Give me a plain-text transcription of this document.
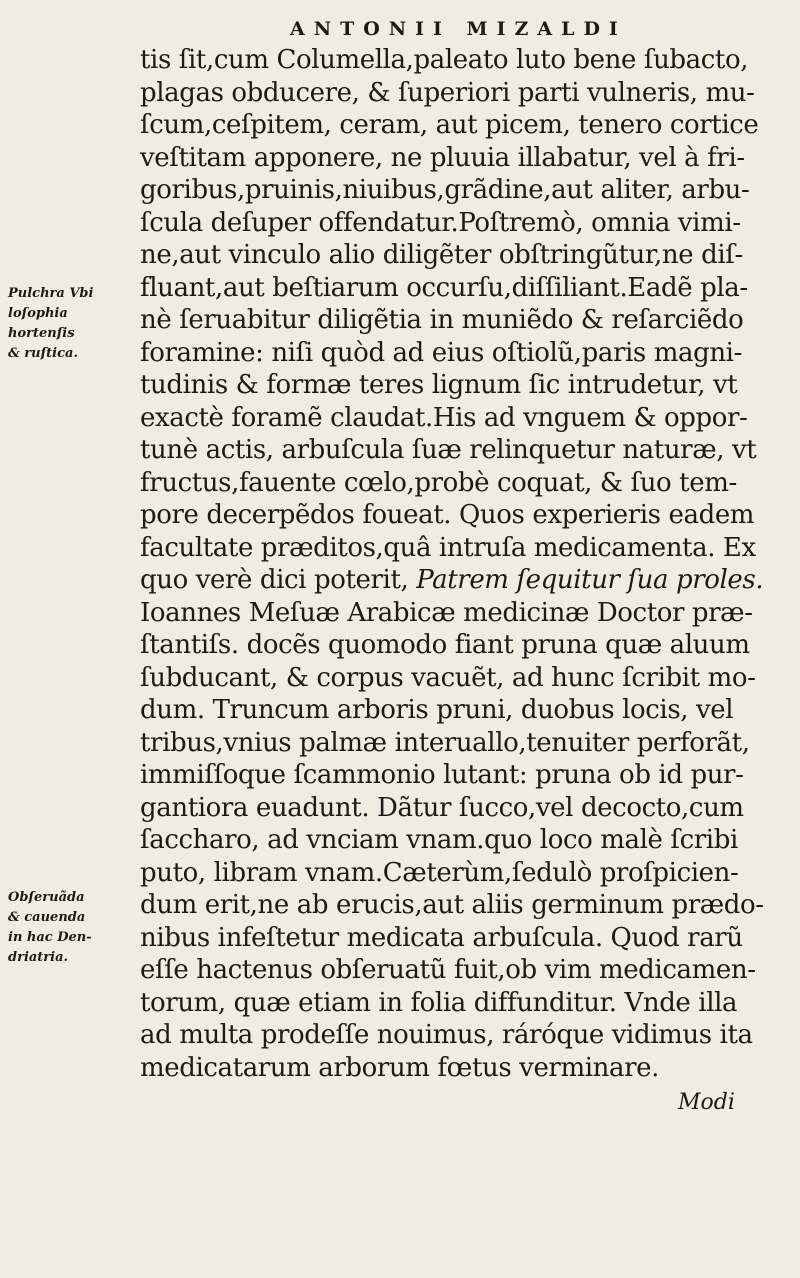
ANTONII MIZALDI
tis ſit,cum Columella,paleato luto bene ſubacto,
plagas obducere, & ſuperiori parti vulneris, mu-
ſcum,ceſpitem, ceram, aut picem, tenero cortice
veſtitam apponere, ne pluuia illabatur, vel à fri-
goribus,pruinis,niuibus,grãdine,aut aliter, arbu-
ſcula deſuper offendatur.Poſtremò, omnia vimi-
ne,aut vinculo alio diligẽter obſtringũtur,ne diſ-
fluant,aut beſtiarum occurſu,diſſiliant.Eadẽ pla-
nè ſeruabitur diligẽtia in muniẽdo & reſarciẽdo
foramine: niſi quòd ad eius oſtiolũ,paris magni-
tudinis & formæ teres lignum ſic intrudetur, vt
exactè foramẽ claudat.His ad vnguem & oppor-
tunè actis, arbuſcula ſuæ relinquetur naturæ, vt
fructus,fauente cœlo,probè coquat, & ſuo tem-
pore decerpẽdos foueat. Quos experieris eadem
facultate præditos,quâ intruſa medicamenta. Ex
quo verè dici poterit, Patrem ſequitur ſua proles.
Ioannes Meſuæ Arabicæ medicinæ Doctor præ-
ſtantiſs. docẽs quomodo fiant pruna quæ aluum
ſubducant, & corpus vacuẽt, ad hunc ſcribit mo-
dum. Truncum arboris pruni, duobus locis, vel
tribus,vnius palmæ interuallo,tenuiter perforãt,
immiſſoque ſcammonio lutant: pruna ob id pur-
gantiora euadunt. Dãtur ſucco,vel decocto,cum
ſaccharo, ad vnciam vnam.quo loco malè ſcribi
puto, libram vnam.Cæterùm,ſedulò proſpicien-
dum erit,ne ab erucis,aut aliis germinum prædo-
nibus infeſtetur medicata arbuſcula. Quod rarũ
eſſe hactenus obſeruatũ fuit,ob vim medicamen-
torum, quæ etiam in folia diffunditur. Vnde illa
ad multa prodeſſe nouimus, ráróque vidimus ita
medicatarum arborum fœtus verminare.
Pulchra Vbi
loſophia
hortenſis
& ruſtica.
Obſeruãda
& cauenda
in hac Den-
driatria.
Modi
